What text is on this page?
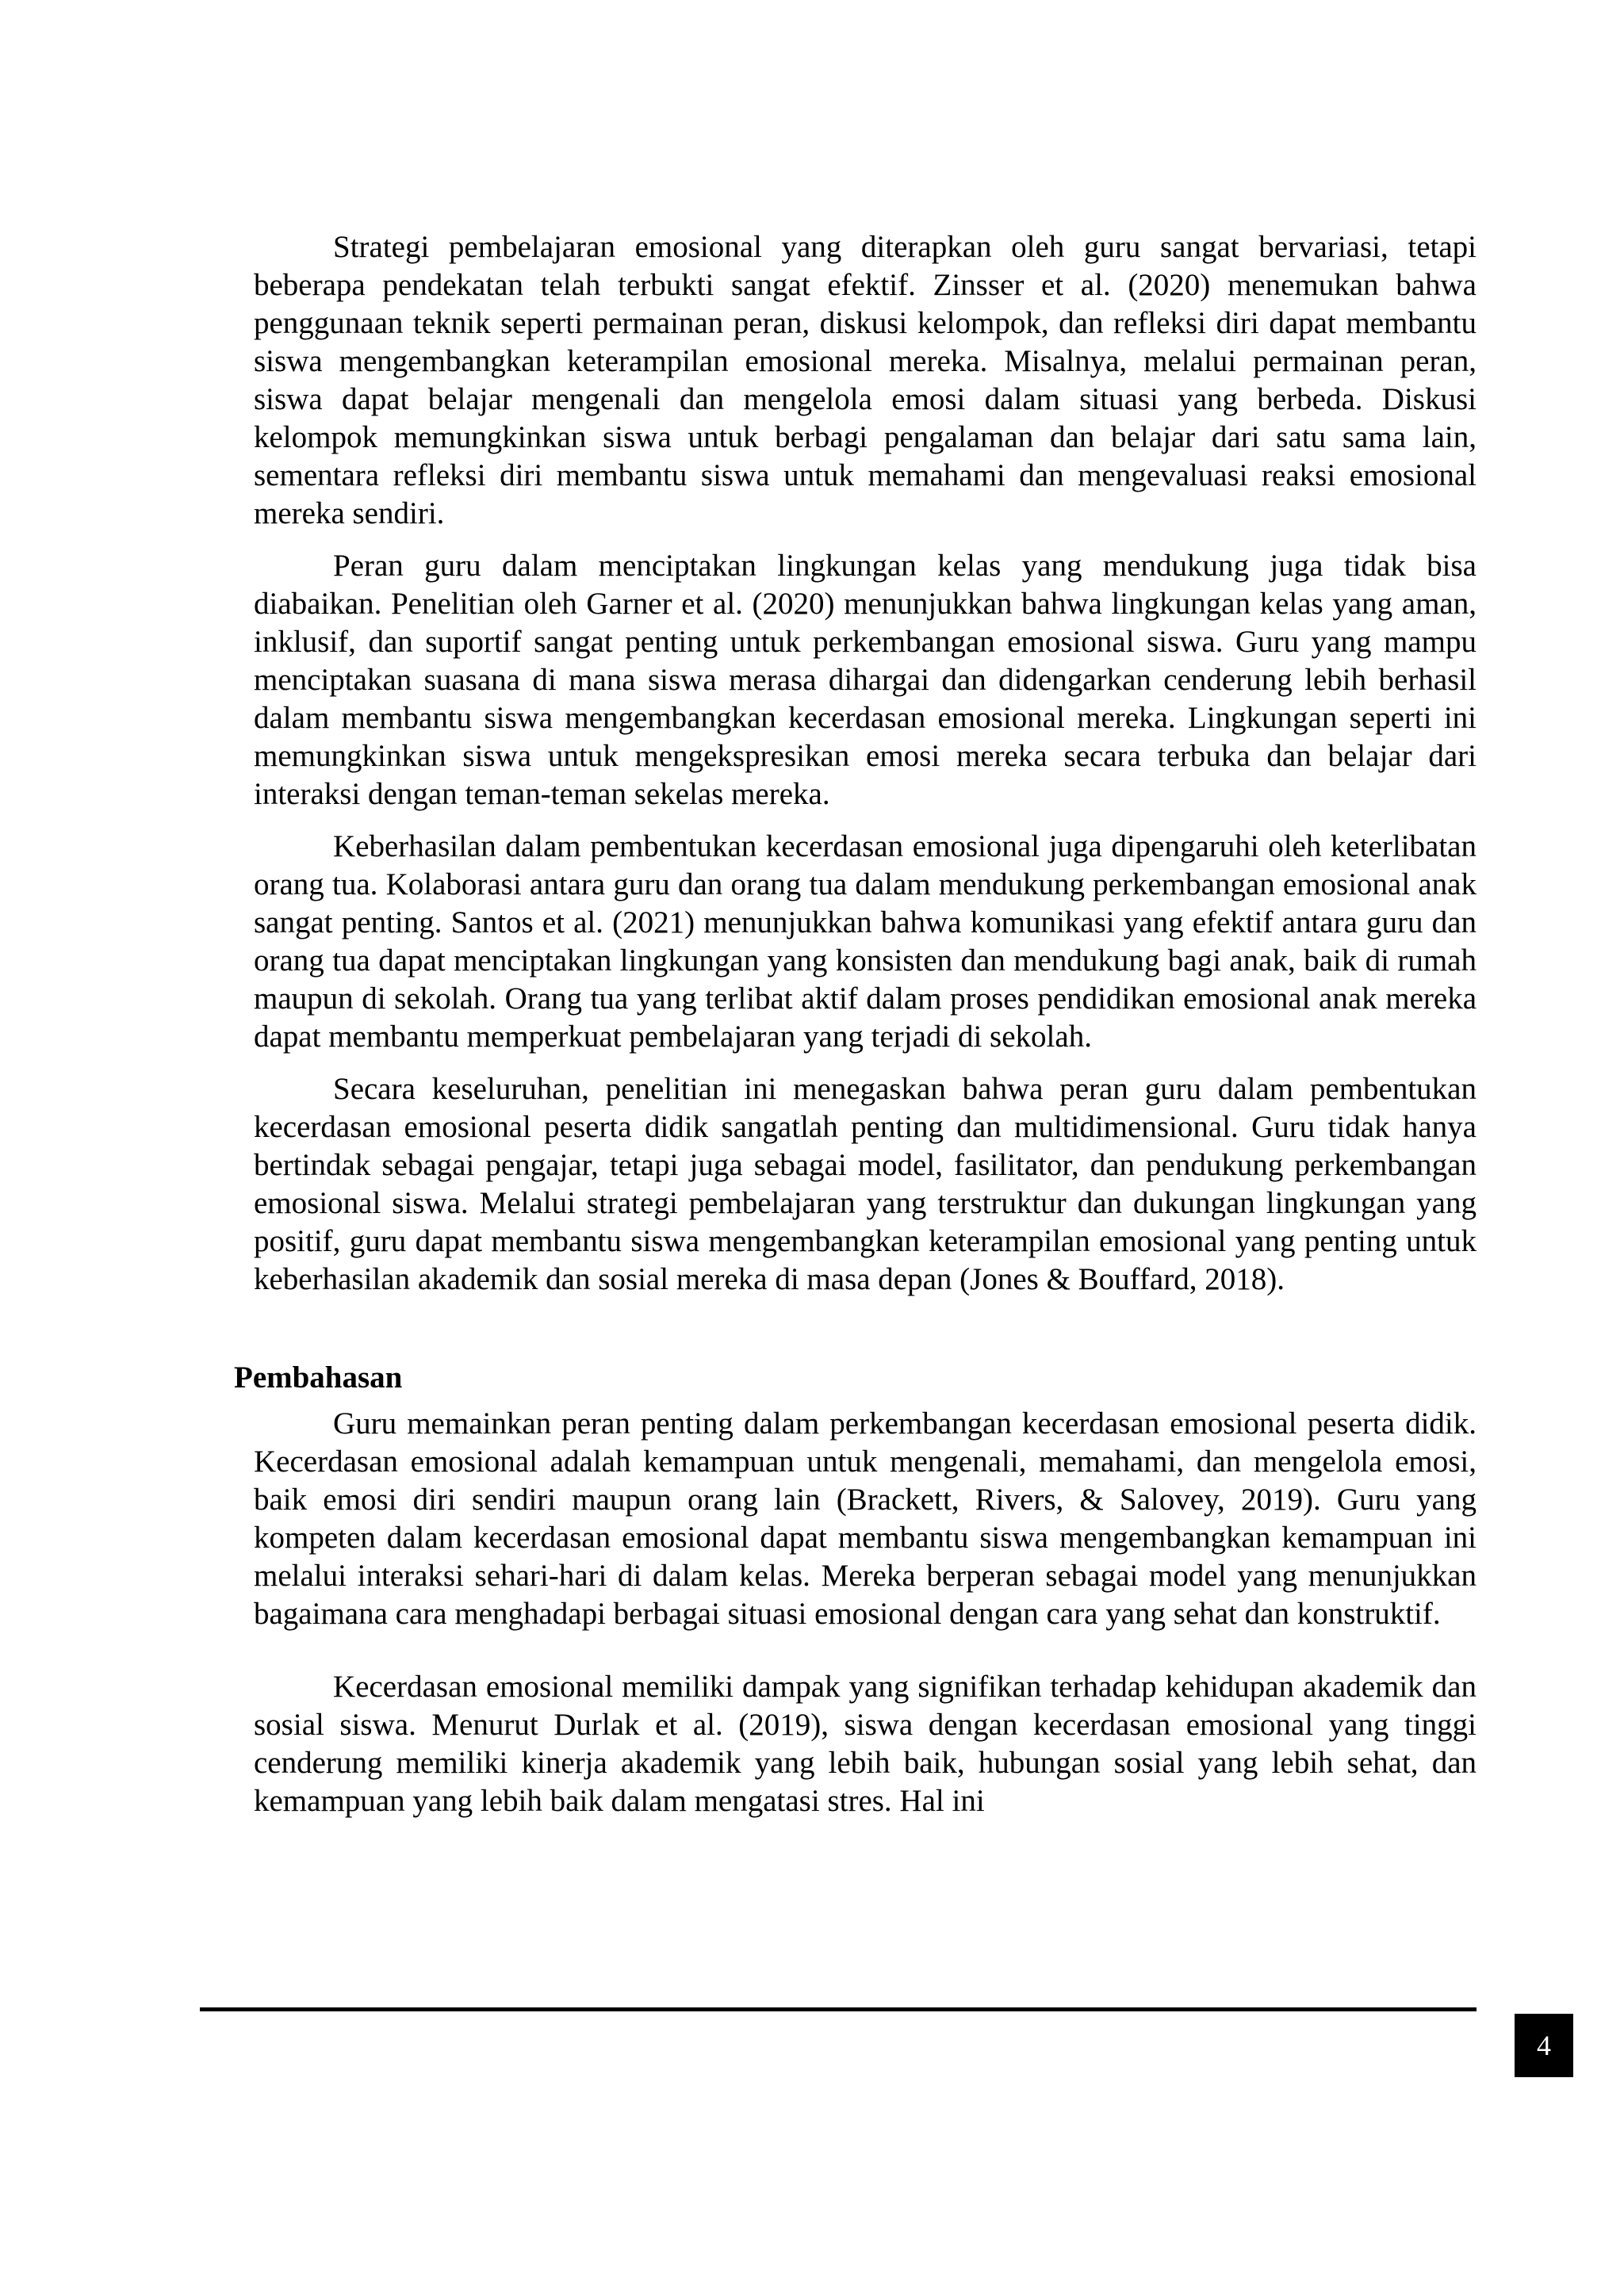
Strategi pembelajaran emosional yang diterapkan oleh guru sangat bervariasi, tetapi beberapa pendekatan telah terbukti sangat efektif. Zinsser et al. (2020) menemukan bahwa penggunaan teknik seperti permainan peran, diskusi kelompok, dan refleksi diri dapat membantu siswa mengembangkan keterampilan emosional mereka. Misalnya, melalui permainan peran, siswa dapat belajar mengenali dan mengelola emosi dalam situasi yang berbeda. Diskusi kelompok memungkinkan siswa untuk berbagi pengalaman dan belajar dari satu sama lain, sementara refleksi diri membantu siswa untuk memahami dan mengevaluasi reaksi emosional mereka sendiri.

Peran guru dalam menciptakan lingkungan kelas yang mendukung juga tidak bisa diabaikan. Penelitian oleh Garner et al. (2020) menunjukkan bahwa lingkungan kelas yang aman, inklusif, dan suportif sangat penting untuk perkembangan emosional siswa. Guru yang mampu menciptakan suasana di mana siswa merasa dihargai dan didengarkan cenderung lebih berhasil dalam membantu siswa mengembangkan kecerdasan emosional mereka. Lingkungan seperti ini memungkinkan siswa untuk mengekspresikan emosi mereka secara terbuka dan belajar dari interaksi dengan teman-teman sekelas mereka.

Keberhasilan dalam pembentukan kecerdasan emosional juga dipengaruhi oleh keterlibatan orang tua. Kolaborasi antara guru dan orang tua dalam mendukung perkembangan emosional anak sangat penting. Santos et al. (2021) menunjukkan bahwa komunikasi yang efektif antara guru dan orang tua dapat menciptakan lingkungan yang konsisten dan mendukung bagi anak, baik di rumah maupun di sekolah. Orang tua yang terlibat aktif dalam proses pendidikan emosional anak mereka dapat membantu memperkuat pembelajaran yang terjadi di sekolah.

Secara keseluruhan, penelitian ini menegaskan bahwa peran guru dalam pembentukan kecerdasan emosional peserta didik sangatlah penting dan multidimensional. Guru tidak hanya bertindak sebagai pengajar, tetapi juga sebagai model, fasilitator, dan pendukung perkembangan emosional siswa. Melalui strategi pembelajaran yang terstruktur dan dukungan lingkungan yang positif, guru dapat membantu siswa mengembangkan keterampilan emosional yang penting untuk keberhasilan akademik dan sosial mereka di masa depan (Jones & Bouffard, 2018).

Pembahasan

Guru memainkan peran penting dalam perkembangan kecerdasan emosional peserta didik. Kecerdasan emosional adalah kemampuan untuk mengenali, memahami, dan mengelola emosi, baik emosi diri sendiri maupun orang lain (Brackett, Rivers, & Salovey, 2019). Guru yang kompeten dalam kecerdasan emosional dapat membantu siswa mengembangkan kemampuan ini melalui interaksi sehari-hari di dalam kelas. Mereka berperan sebagai model yang menunjukkan bagaimana cara menghadapi berbagai situasi emosional dengan cara yang sehat dan konstruktif.

Kecerdasan emosional memiliki dampak yang signifikan terhadap kehidupan akademik dan sosial siswa. Menurut Durlak et al. (2019), siswa dengan kecerdasan emosional yang tinggi cenderung memiliki kinerja akademik yang lebih baik, hubungan sosial yang lebih sehat, dan kemampuan yang lebih baik dalam mengatasi stres. Hal ini

4
